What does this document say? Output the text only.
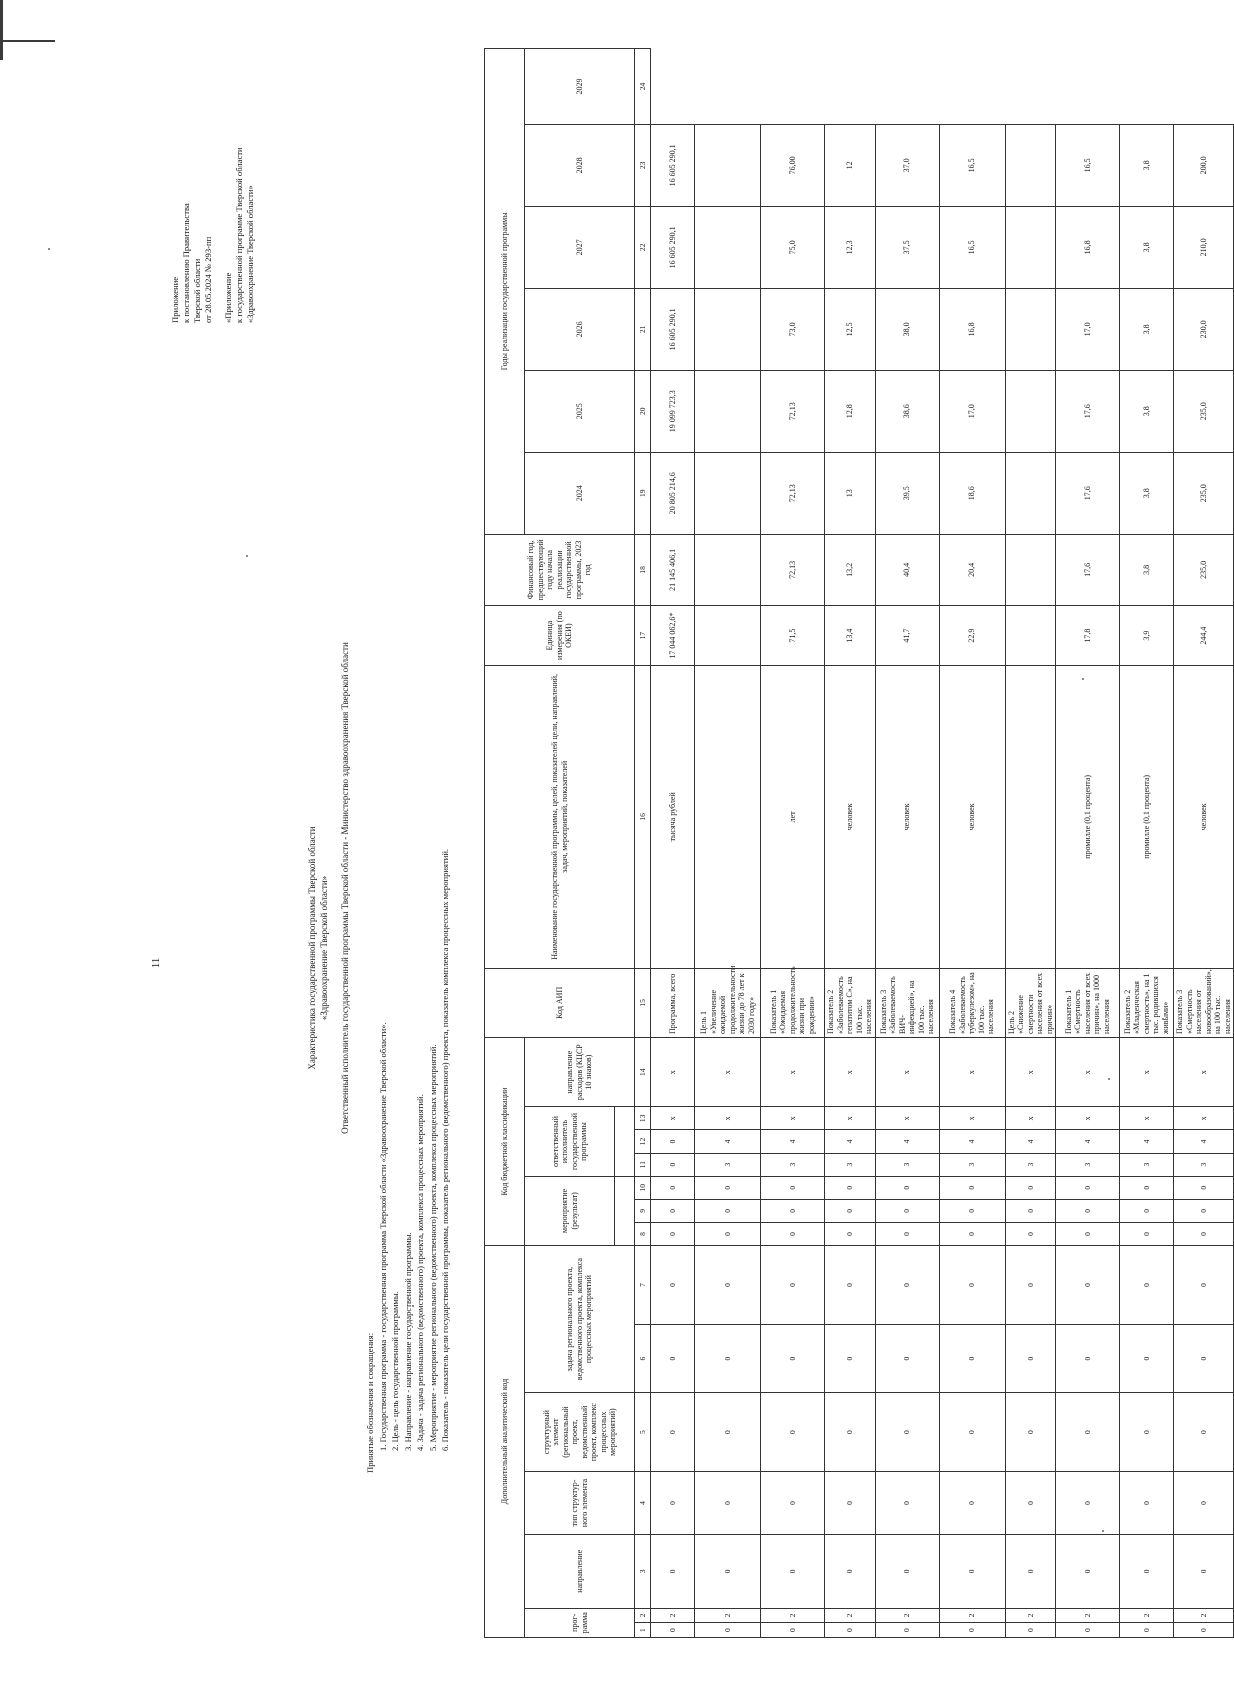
11
Приложение к постановлению Правительства Тверской области от 28.05.2024 № 293-пп «Приложение к государственной программе Тверской области «Здравоохранение Тверской области»
Характеристика государственной программы Тверской области «Здравоохранение Тверской области» Ответственный исполнитель государственной программы Тверской области - Министерство здравоохранения Тверской области
Принятые обозначения и сокращения: 1. Государственная программа - государственная программа Тверской области «Здравоохранение Тверской области». 2. Цель - цель государственной программы. 3. Направление - направление государственной программы. 4. Задача - задача регионального (ведомственного) проекта, комплекса процессных мероприятий. 5. Мероприятие - мероприятие регионального (ведомственного) проекта, комплекса процессных мероприятий. 6. Показатель - показатель цели государственной программы, показатель регионального (ведомственного) проекта, показатель комплекса процессных мероприятий.	Дополнительный аналитический код							Код бюджетной классификации							Код АИП	Наименование государственной программы, целей, показателей цели, направлений, задач, мероприятий, показателей	Единица измерения (по ОКЕИ)	Финансовый год, предшествующий году начала реализации государственной программы, 2023 год	Годы реализации государственной программы					
прог-рамма		направление	тип структур-ного элемента	структурный элемент (региональный проект, ведомственный проект, комплекс процессных мероприятий)	задача регионального проекта, ведомственного проекта, комплекса процессных мероприятий		мероприятие (результат)			ответственный исполнитель государственной программы			направление расходов (КЦСР 10 знаков)					2024	2025	2026	2027	2028	2029

1	2	3	4	5	6	7	8	9	10	11	12	13	14	15	16	17	18	19	20	21	22	23	24
0	2	0	0	0	0	0	0	0	0	0	0	х	х	Программа, всего	тысяча рублей	17 044 062,6*	21 145 406,1	20 805 214,6	19 099 723,3	16 605 290,1	16 605 290,1	16 605 290,1	
0	2	0	0	0	0	0	0	0	0	3	4	х	х	Цель 1 «Увеличение ожидаемой продолжительности жизни до 78 лет к 2030 году»									
0	2	0	0	0	0	0	0	0	0	3	4	х	х	Показатель 1 «Ожидаемая продолжительность жизни при рождении»	лет	71,5	72,13	72,13	72,13	73,0	75,0	76,00	
0	2	0	0	0	0	0	0	0	0	3	4	х	х	Показатель 2 «Заболеваемость гепатитом С», на 100 тыс. населения	человек	13,4	13,2	13	12,8	12,5	12,3	12	
0	2	0	0	0	0	0	0	0	0	3	4	х	х	Показатель 3 «Заболеваемость ВИЧ-инфекцией», на 100 тыс. населения	человек	41,7	40,4	39,5	38,6	38,0	37,5	37,0	
0	2	0	0	0	0	0	0	0	0	3	4	х	х	Показатель 4 «Заболеваемость туберкулезом», на 100 тыс. населения	человек	22,9	20,4	18,6	17,0	16,8	16,5	16,5	
0	2	0	0	0	0	0	0	0	0	3	4	х	х	Цель 2 «Снижение смертности населения от всех причин»									
0	2	0	0	0	0	0	0	0	0	3	4	х	х	Показатель 1 «Смертность населения от всех причин», на 1000 населения	промилле (0,1 процента)	17,8	17,6	17,6	17,6	17,0	16,8	16,5	
0	2	0	0	0	0	0	0	0	0	3	4	х	х	Показатель 2 «Младенческая смертность», на 1 тыс. родившихся живыми»	промилле (0,1 процента)	3,9	3,8	3,8	3,8	3,8	3,8	3,8	
0	2	0	0	0	0	0	0	0	0	3	4	х	х	Показатель 3 «Смертность населения от новообразований», на 100 тыс. населения	человек	244,4	235,0	235,0	235,0	230,0	210,0	200,0	
